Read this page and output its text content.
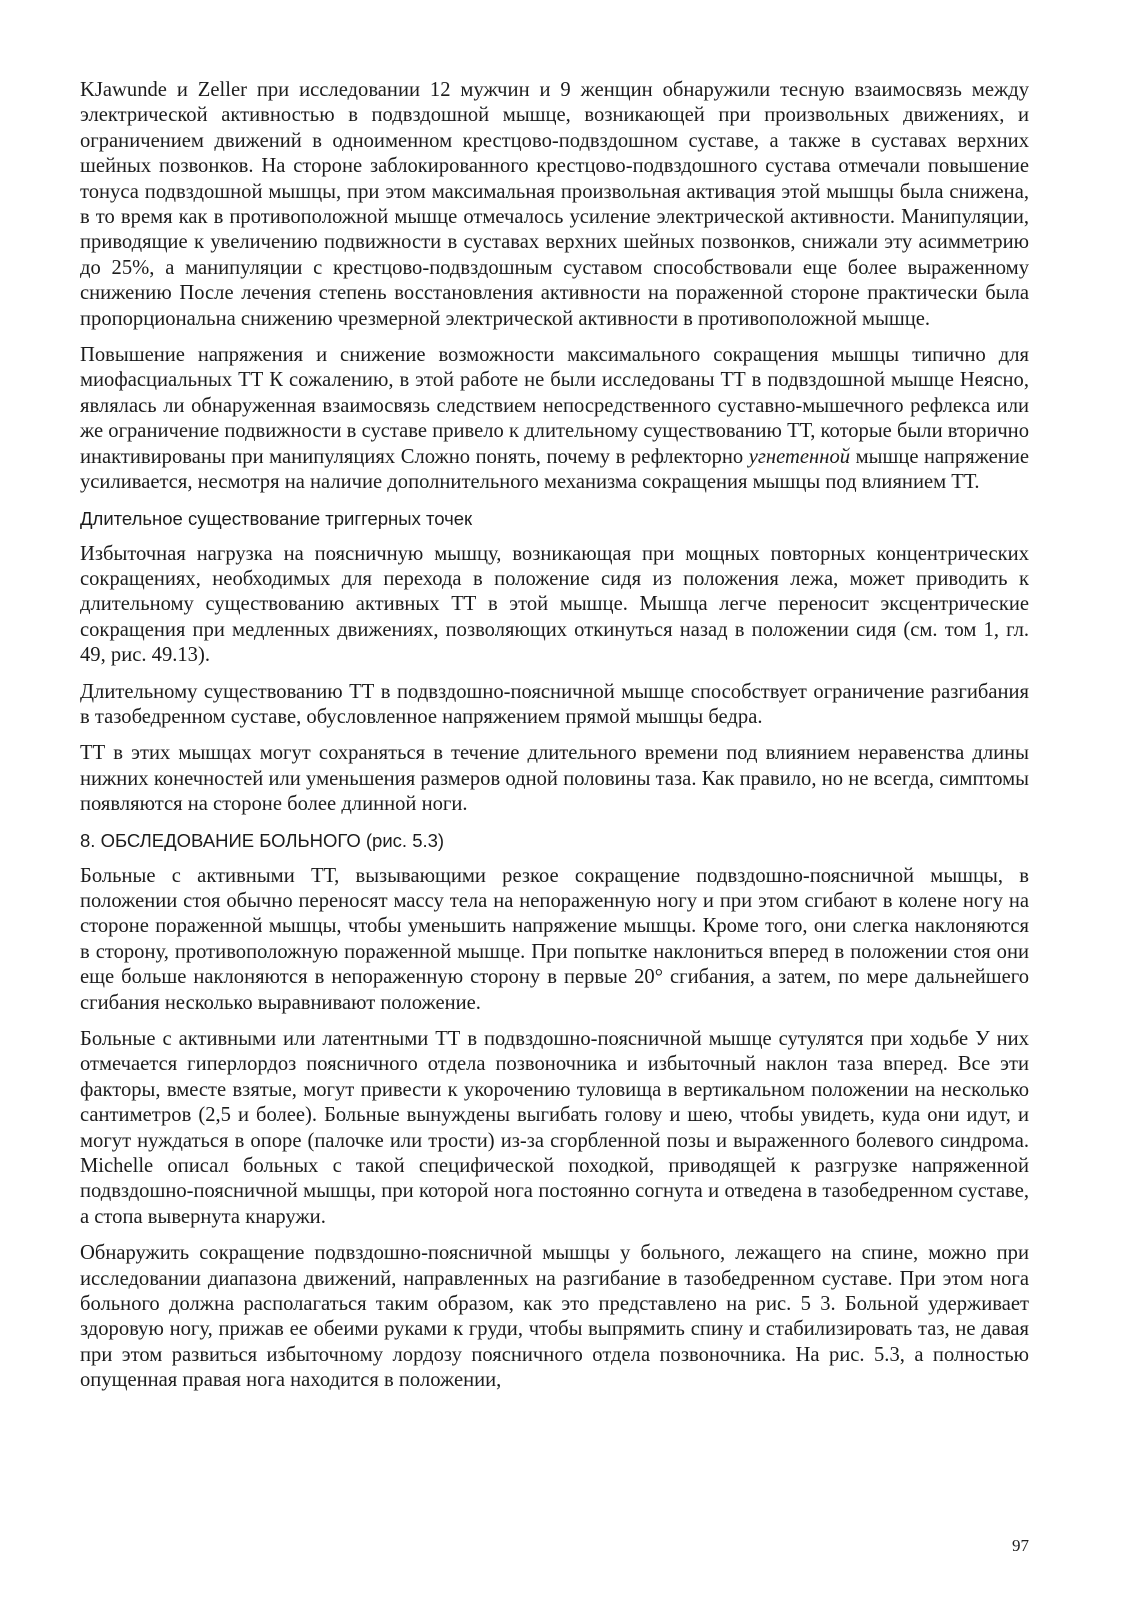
KJawunde и Zeller при исследовании 12 мужчин и 9 женщин обнаружили тесную взаимосвязь между электрической активностью в подвздошной мышце, возникающей при произвольных движениях, и ограничением движений в одноименном крестцово-подвздошном суставе, а также в суставах верхних шейных позвонков. На стороне заблокированного крестцово-подвздошного сустава отмечали повышение тонуса подвздошной мышцы, при этом максимальная произвольная активация этой мышцы была снижена, в то время как в противоположной мышце отмечалось усиление электрической активности. Манипуляции, приводящие к увеличению подвижности в суставах верхних шейных позвонков, снижали эту асимметрию до 25%, а манипуляции с крестцово-подвздошным суставом способствовали еще более выраженному снижению После лечения степень восстановления активности на пораженной стороне практически была пропорциональна снижению чрезмерной электрической активности в противоположной мышце.

Повышение напряжения и снижение возможности максимального сокращения мышцы типично для миофасциальных ТТ К сожалению, в этой работе не были исследованы ТТ в подвздошной мышце Неясно, являлась ли обнаруженная взаимосвязь следствием непосредственного суставно-мышечного рефлекса или же ограничение подвижности в суставе привело к длительному существованию ТТ, которые были вторично инактивированы при манипуляциях Сложно понять, почему в рефлекторно угнетенной мышце напряжение усиливается, несмотря на наличие дополнительного механизма сокращения мышцы под влиянием ТТ.

Длительное существование триггерных точек

Избыточная нагрузка на поясничную мышцу, возникающая при мощных повторных концентрических сокращениях, необходимых для перехода в положение сидя из положения лежа, может приводить к длительному существованию активных ТТ в этой мышце. Мышца легче переносит эксцентрические сокращения при медленных движениях, позволяющих откинуться назад в положении сидя (см. том 1, гл. 49, рис. 49.13).

Длительному существованию ТТ в подвздошно-поясничной мышце способствует ограничение разгибания в тазобедренном суставе, обусловленное напряжением прямой мышцы бедра.

ТТ в этих мышцах могут сохраняться в течение длительного времени под влиянием неравенства длины нижних конечностей или уменьшения размеров одной половины таза. Как правило, но не всегда, симптомы появляются на стороне более длинной ноги.

8. ОБСЛЕДОВАНИЕ БОЛЬНОГО (рис. 5.3)

Больные с активными ТТ, вызывающими резкое сокращение подвздошно-поясничной мышцы, в положении стоя обычно переносят массу тела на непораженную ногу и при этом сгибают в колене ногу на стороне пораженной мышцы, чтобы уменьшить напряжение мышцы. Кроме того, они слегка наклоняются в сторону, противоположную пораженной мышце. При попытке наклониться вперед в положении стоя они еще больше наклоняются в непораженную сторону в первые 20° сгибания, а затем, по мере дальнейшего сгибания несколько выравнивают положение.

Больные с активными или латентными ТТ в подвздошно-поясничной мышце сутулятся при ходьбе У них отмечается гиперлордоз поясничного отдела позвоночника и избыточный наклон таза вперед. Все эти факторы, вместе взятые, могут привести к укорочению туловища в вертикальном положении на несколько сантиметров (2,5 и более). Больные вынуждены выгибать голову и шею, чтобы увидеть, куда они идут, и могут нуждаться в опоре (палочке или трости) из-за сгорбленной позы и выраженного болевого синдрома. Michelle описал больных с такой специфической походкой, приводящей к разгрузке напряженной подвздошно-поясничной мышцы, при которой нога постоянно согнута и отведена в тазобедренном суставе, а стопа вывернута кнаружи.

Обнаружить сокращение подвздошно-поясничной мышцы у больного, лежащего на спине, можно при исследовании диапазона движений, направленных на разгибание в тазобедренном суставе. При этом нога больного должна располагаться таким образом, как это представлено на рис. 5 3. Больной удерживает здоровую ногу, прижав ее обеими руками к груди, чтобы выпрямить спину и стабилизировать таз, не давая при этом развиться избыточному лордозу поясничного отдела позвоночника. На рис. 5.3, а полностью опущенная правая нога находится в положении,

97
